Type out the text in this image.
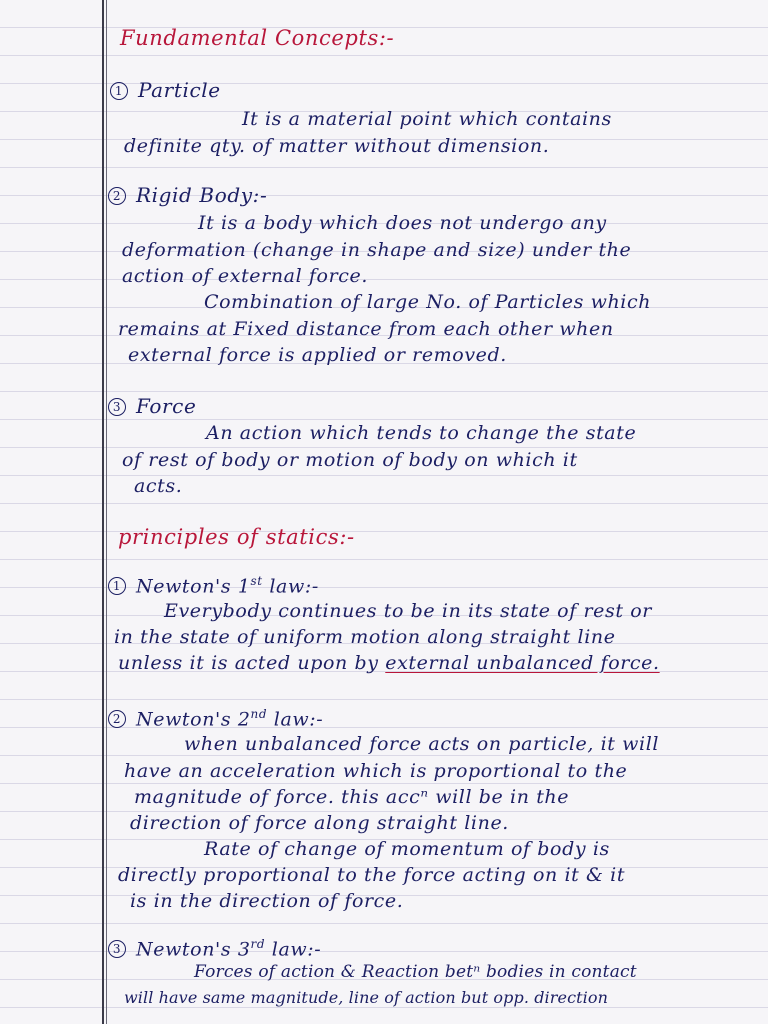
Fundamental Concepts:-
1 Particle
It is a material point which contains
definite qty. of matter without dimension.
2 Rigid Body:-
It is a body which does not undergo any
deformation (change in shape and size) under the
action of external force.
Combination of large No. of Particles which
remains at Fixed distance from each other when
external force is applied or removed.
3 Force
An action which tends to change the state
of rest of body or motion of body on which it
acts.
principles of statics:-
1 Newton's 1st law:-
Everybody continues to be in its state of rest or
in the state of uniform motion along straight line
unless it is acted upon by external unbalanced force.
2 Newton's 2nd law:-
when unbalanced force acts on particle, it will
have an acceleration which is proportional to the
magnitude of force. this accⁿ will be in the
direction of force along straight line.
Rate of change of momentum of body is
directly proportional to the force acting on it & it
is in the direction of force.
3 Newton's 3rd law:-
Forces of action & Reaction betⁿ bodies in contact
will have same magnitude, line of action but opp. direction
